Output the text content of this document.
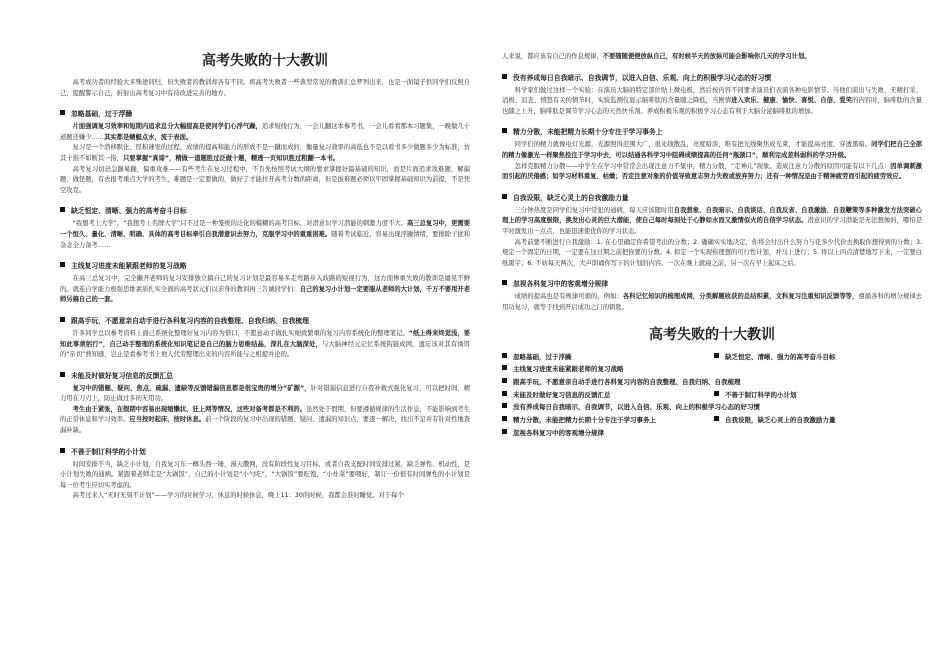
高考失败的十大教训

高考成功者的经验大多殊途同归，但失败者的教训却各有不同。将高考失败者一些典型常见的教训汇总罗列出来，也是一面镜子供同学们反照自己，提醒警示自己，折射出高考复习中有待改进完善的地方。

忽略基础，过于浮躁

片面强调复习效率和短期内追求总分大幅提高是使同学们心浮气躁，追求短线行为，一会儿翻这本参考书，一会儿看看那本习题集，一晚做几十道题还嫌少……其实都是蜻蜓点水，流于表面。

复习是一个潜移默化、厚积薄发的过程，成绩的提高和能力的形成不是一蹴而成的，衡量复习效率的高低也不是以看书多少做题多少为标准，仿其十指不如断其一指，只要掌握“真谛”，精做一道题胜过泛做十题，精透一页知识胜过粗翻一本书。

高考复习切忌急躁易躁，偏重攻难——有些考生在复习过程中，不肯先按照考试大纲的要求掌握好最基础的知识，而是片面追求攻难题、解偏题、做怪题，有去报考重点大学的考生，难题是一定要做的，做好了才能拉开高考分数的距离，但是拔难题必须以牢固掌握基础知识为前提，不是凭空攻克。

缺乏恒定、清晰、强力的高考奋斗目标

“我想考上大学”，“我想考上名牌大学”只不过是一种笼统的泛化的模糊的高考目标，对潜意识学习潜能的刺激力度不大。高三总复习中，更需要一个恒久、量化、清晰、明确、具体的高考目标牵引自我潜意识去努力，克服学习中的重重困难。随着考试临近，容易出现浮躁情绪，要排除干扰和杂念全力备考……

主线复习进度未能紧跟老师的复习战略

在高三总复习中，完全撇开老师的复习安排独立搞自己的复习计划是最容易多走弯路步入歧路的短视行为，这方面惨重失败的教训是屡见不鲜的。就连自学能力极强思维素质扎实全面的高考状元们以亲身的教训再三告诫同学们：自己的复习小计划一定要服从老师的大计划，千万不要甩开老师另搞自己的一套。

跟高手玩，不愿意亲自动手进行各科复习内容的自我整理、自我归纳、自我梳理

许多同学总以参考资料上面已系统化整理好复习内容为借口，不愿意动手做扎实细致繁重的复习内容系统化的整理笔记。“纸上得来终觉浅，要知此事须躬行”，自己动手整理的系统化知识笔记是自己的脑力思维结晶，深扎在大脑深处，与大脑神经元记忆系统钩链成网，遗忘该对其有诱饵的“亲切”熟知感，岂止是看参考书上他人代劳整理出来的内容所能与之相提并论的。

未能及时做好复习信息的反馈汇总

复习中的错题、疑问、焦点、疏漏、遗缺等反馈错漏信息都是很宝贵的增分“矿源”，针对错漏信息进行自我补救式强化复习，可以把时间、精力用在刀刃上，防止做过多的无用功。

考生由于紧张，在假期中容易出现缩懒状、狂上网等情况，这些对备考都是不利的。虽然处于假期，但要遵循规律的生活作息，不能影响到考生的正常休息和学习效率。应当按时起床，按时休息。前一个阶段的复习中出现的错题、疑问、遗漏的知识点，要逐一解决，找出不足并有针对性地查漏补缺。

不善于制订科学的小计划

时间安排不当，缺乏小计划，自我复习东一榔头西一锤，漫天撒网，没有阶段性复习目标，或者自我支配时间安排过紧，缺乏弹性、机动性，是小计划失败的通病。紧跟着老师走是“大锅饭”，自己的小计划是“小勺吃”，“大锅饭”要吃饱，“小灶菜”要喂好，制订一份很有时间弹性的小计划是每一位考生应切实考虑的。

高考过来人“无时无刻不计划”——学习的时候学习，休息的时候休息，晚上11：30的时候，我都会准时睡觉。对于每个

人来说，都应该有自己的作息规律，不要随随便便放纵自己，有时候半天的放纵可能会影响你几天的学习计划。

没有养成每日自我暗示、自我调节，以进入自信、乐观、向上的积极学习心态的好习惯

科学家们做过这样一个实验：在演员大脑的特定部位贴上微电极，然后按内容不同要求演员们表演各种电影情节。当他们演出与失败、无精打采、消极、沮丧、愤怒有关的情节时，实验监测仪显示脑啡肽的含量随之降低，当剧情进入欢乐、健康、愉快、喜悦、自信、爱笑的内容时，脑啡肽的含量也随之上升，脑啡肽是调节学习心态的天然快乐剂。养成积极乐观的积极学习心态有利于大脑分泌脑啡肽的增加。

精力分散，未能把精力长期十分专注于学习事务上

同学们的精力就像电灯光源，光源照得范围大广，很光线散乱，亮度暗淡，唯有把光线聚焦成光束，才能提高亮度，穿透黑暗。同学们把自己全部的精力像激光一样聚焦投注于学习中去，可以结通各科学习中阻碍成绩提高的任何“瓶颈口”，顺利完成差科弱科的学习升级。

怎样克服精力分散——中学生在学习中常常会出现注意力不集中，精力分散，“走神儿”现象。造成注意力分散的原因可能有以下几点：因单调刺激而引起的厌倦感；如学习材料重复、枯燥；否定注意对象的价值导致意志努力失败或放弃努力；还有一种情况是由于精神疲劳而引起的疲劳效应。

自我设限，缺乏心灵上的自我激励力量

三分钟热度是同学们复习中常犯的通病，每天应该随时用自我想象、自我暗示、自我谈话、自我反省、自我激励、自我鞭策等多种激发方法突破心理上的学习高度极限，换发出心灵的巨大潜能，使自己每时每刻处于心静如水而又激情似火的自信学习状态。潜意识的学习潜能是无法想像的，哪怕是平时激发出一点点，也能迅速使优你的学习状态。

高考前要不断进行自我激励：1. 在心里确定你希望考出的分数；2. 确确实实地决定，你将会付出什么努力与花多少代价去换取你想得到的分数；3. 规定一个固定的日期，一定要在这日期之前把你要的分数。4. 拟定一个实现你理想的可行性计划，并马上进行；5. 将以上四点清楚地写下来，一定要白纸黑字；6. 不妨每天两次，大声朗诵你写下的计划的内容。一次在晚上就寝之前，另一次在早上起床之后。

忽视各科复习中的客观增分规律

成绩的提高也是有规律可循的，例如：各科记忆知识的梳理成网，分类解题收获的总结积累，文科复习注重知识反馈等等，遵循各科的增分规律去用功复习，就等于找到开启成功之门的钥匙。

高考失败的十大教训
忽略基础，过于浮躁	缺乏恒定、清晰、强力的高考奋斗目标
主线复习进度未能紧跟老师的复习战略
跟高手玩，不愿意亲自动手进行各科复习内容的自我整理、自我归纳、自我梳理
未能及时做好复习信息的反馈汇总	不善于制订科学的小计划
没有养成每日自我暗示、自我调节，以进入自信、乐观、向上的积极学习心态的好习惯
精力分散，未能把精力长期十分专注于学习事务上	自我设限，缺乏心灵上的自我激励力量
忽视各科复习中的客观增分规律
